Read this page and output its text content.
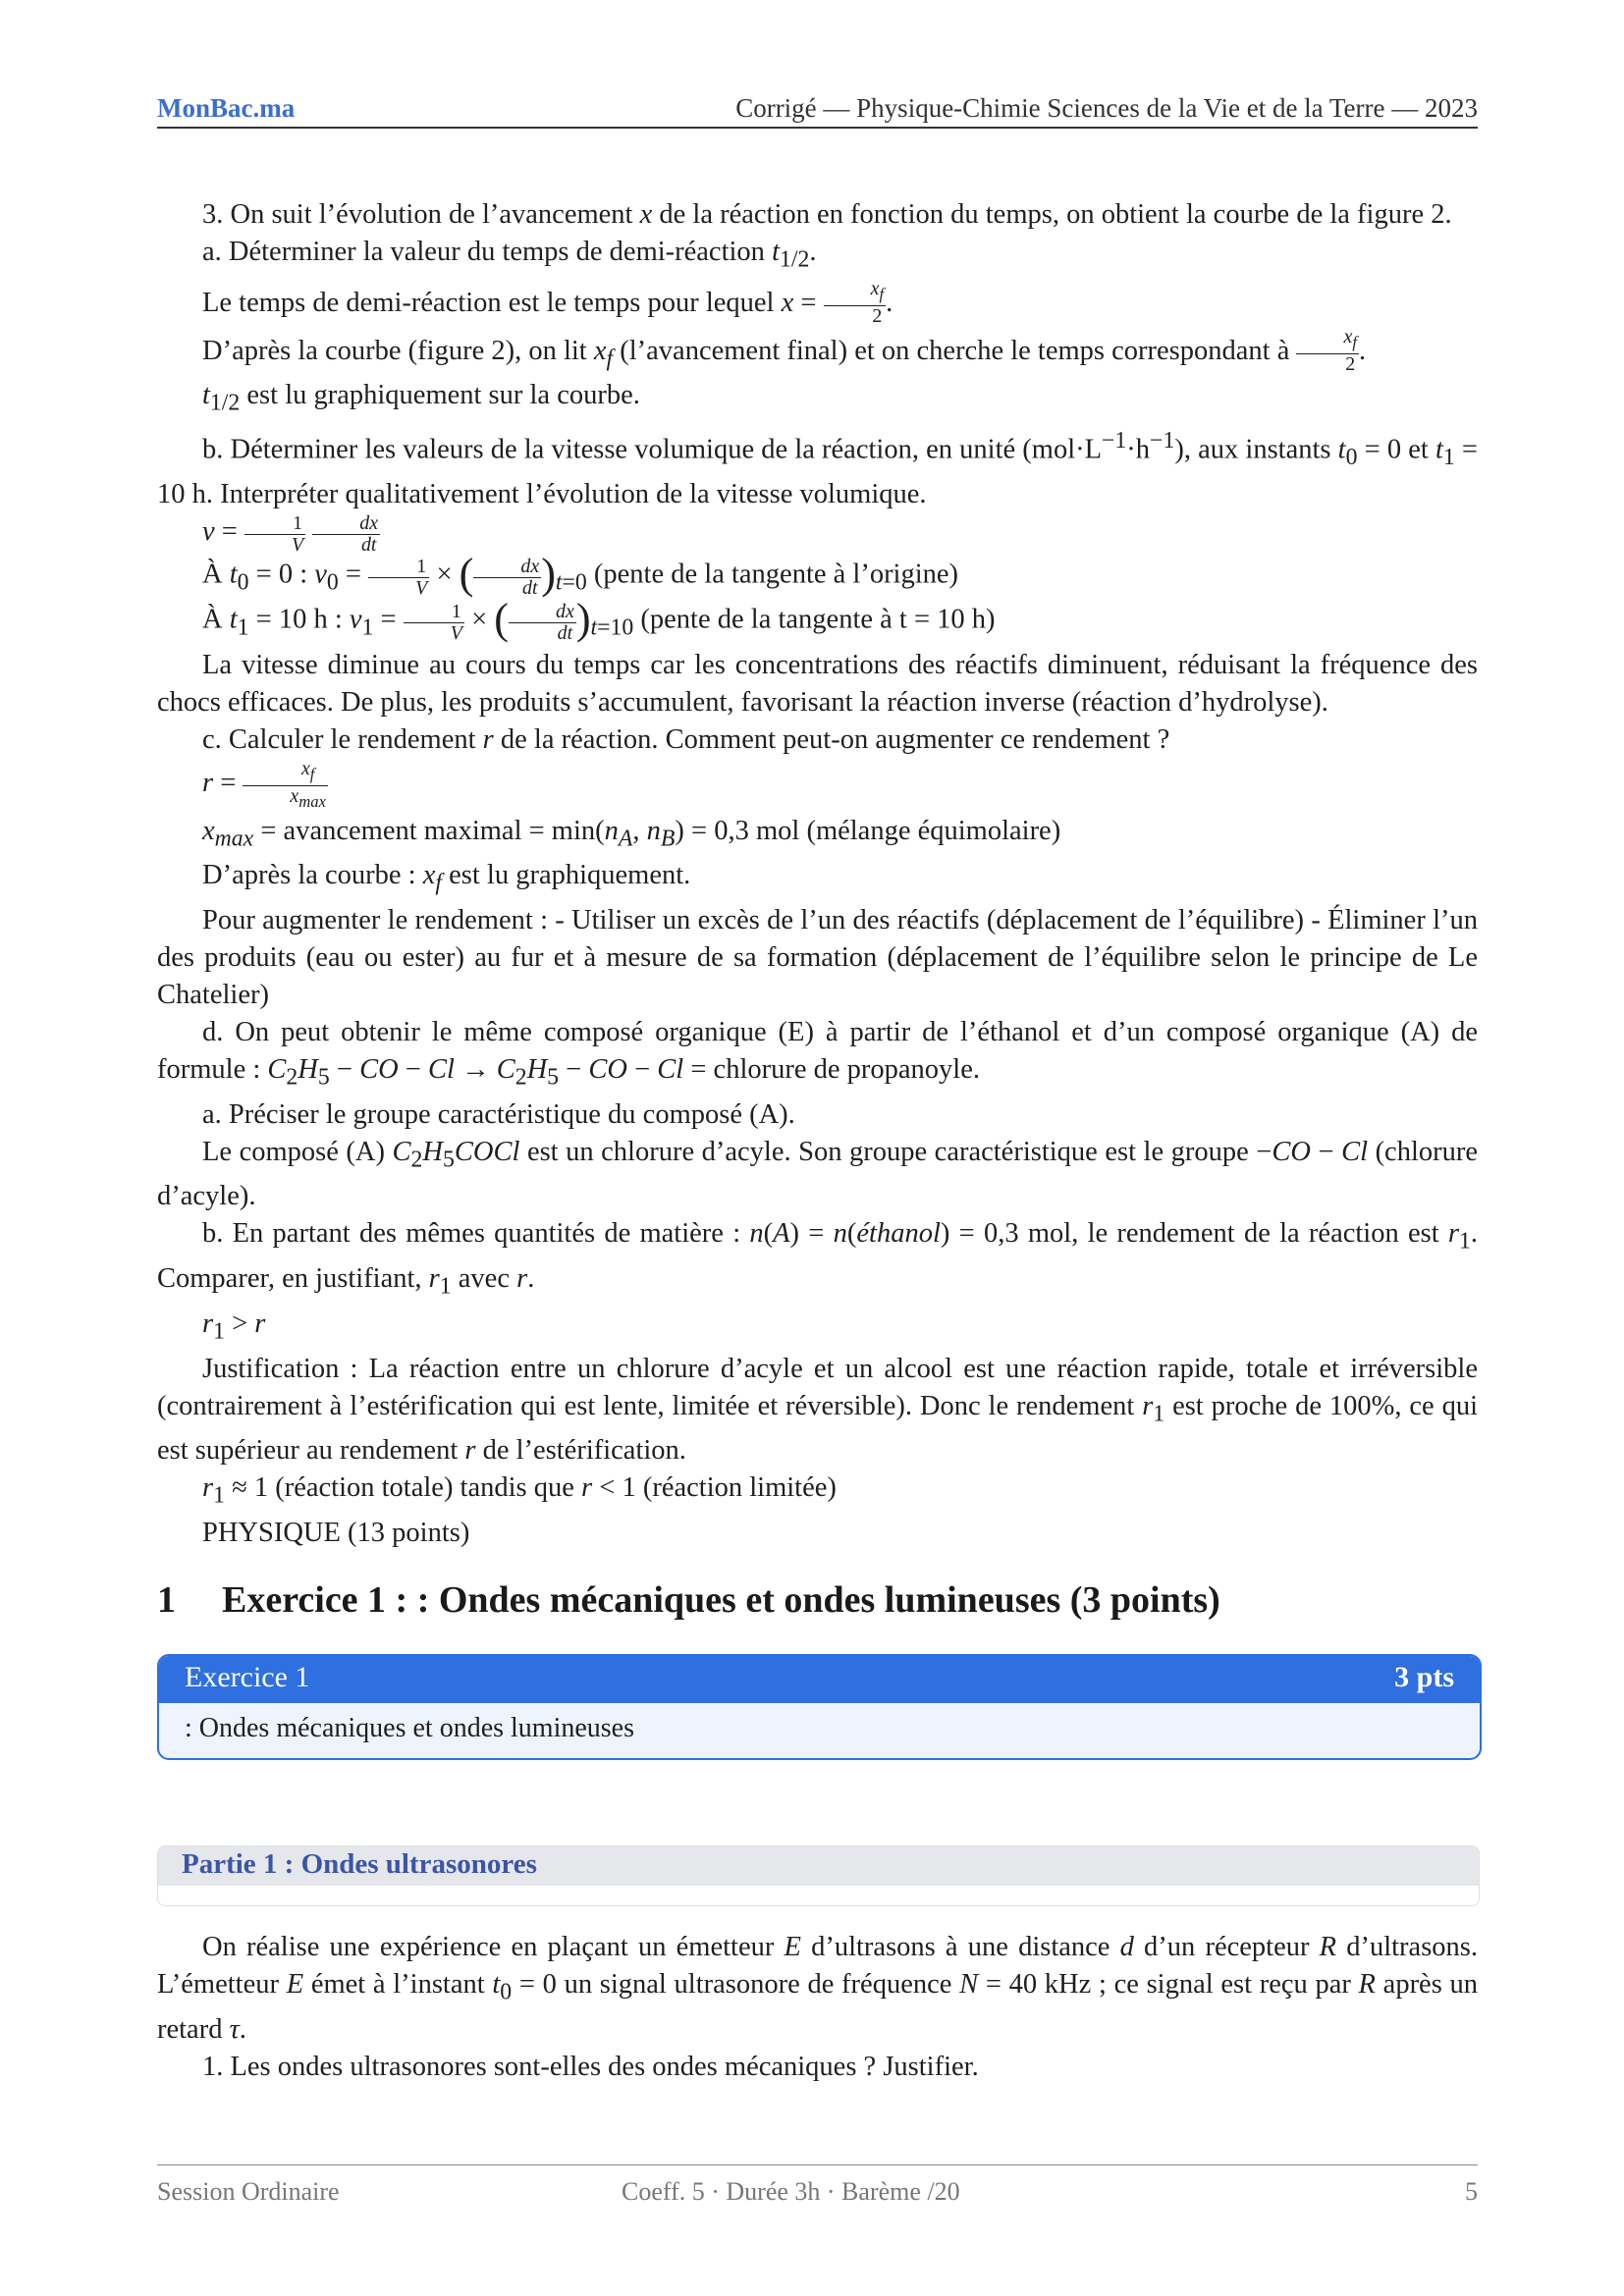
MonBac.ma	Corrigé — Physique-Chimie Sciences de la Vie et de la Terre — 2023

3. On suit l’évolution de l’avancement x de la réaction en fonction du temps, on obtient la courbe de la figure 2.

a. Déterminer la valeur du temps de demi-réaction $t_{1/2}$.

Le temps de demi-réaction est le temps pour lequel $x = \frac{x_f}{2}$ .

D’après la courbe (figure 2), on lit $x_f$ (l’avancement final) et on cherche le temps correspondant à $\frac{x_f}{2}$ .

$t_{1/2}$ est lu graphiquement sur la courbe.

b. Déterminer les valeurs de la vitesse volumique de la réaction, en unité $(mol\cdot L^{-1}\cdot h^{-1})$, aux instants $t_0 = 0$ et $t_1 = 10$ h. Interpréter qualitativement l’évolution de la vitesse volumique.

$v = \frac{1}{V}$
$\frac{dx}{dt}$

À $t_0 = 0$ : $v_0 = \frac{1}{V}$ × ( $\frac{dx}{dt} )_{t=0}$ (pente de la tangente à l’origine)

À $t_1 = 10$ h : $v_1 = \frac{1}{V}$ × ( $\frac{dx}{dt} )_{t=10}$ (pente de la tangente à t = 10 h)

La vitesse diminue au cours du temps car les concentrations des réactifs diminuent, réduisant la fréquence des chocs efficaces. De plus, les produits s’accumulent, favorisant la réaction inverse (réaction d’hydrolyse).

c. Calculer le rendement r de la réaction. Comment peut-on augmenter ce rendement ?

$r = \frac{x_f}{x_{max}}$

$x_{max}$ = avancement maximal = $\min(n_A$, $n_B) = 0,3$ mol (mélange équimolaire)

D’après la courbe : $x_f$ est lu graphiquement.

Pour augmenter le rendement : - Utiliser un excès de l’un des réactifs (déplacement de l’équilibre) - Éliminer l’un des produits (eau ou ester) au fur et à mesure de sa formation (déplacement de l’équilibre selon le principe de Le Chatelier)

d. On peut obtenir le même composé organique (E) à partir de l’éthanol et d’un composé organique (A) de formule : $C_2H_5$ − CO − $Cl \to C_2H_5$ − CO − Cl = chlorure de propanoyle.

a. Préciser le groupe caractéristique du composé (A).

Le composé (A) $C_2H_5COCl$ est un chlorure d’acyle. Son groupe caractéristique est le groupe −CO − Cl (chlorure d’acyle).

b. En partant des mêmes quantités de matière : n(A) = n(éthanol) = 0,3 mol, le rendement de la réaction est $r_1$. Comparer, en justifiant, $r_1$ avec r.

$r_1 > r$

Justification : La réaction entre un chlorure d’acyle et un alcool est une réaction rapide, totale et irréversible (contrairement à l’estérification qui est lente, limitée et réversible). Donc le rendement $r_1$ est proche de 100%, ce qui est supérieur au rendement r de l’estérification.

$r_1 \approx 1$ (réaction totale) tandis que r < 1 (réaction limitée)

PHYSIQUE (13 points)

1 Exercice 1 : : Ondes mécaniques et ondes lumineuses (3 points)
Exercice 1	3 pts
: Ondes mécaniques et ondes lumineuses
Partie 1 : Ondes ultrasonores

On réalise une expérience en plaçant un émetteur E d’ultrasons à une distance d d’un récepteur R d’ultrasons. L’émetteur E émet à l’instant $t_0 = 0$ un signal ultrasonore de fréquence N = 40 kHz ; ce signal est reçu par R après un retard τ.

1. Les ondes ultrasonores sont-elles des ondes mécaniques ? Justifier.

Session Ordinaire	Coeff. 5 · Durée 3h · Barème /20	5
